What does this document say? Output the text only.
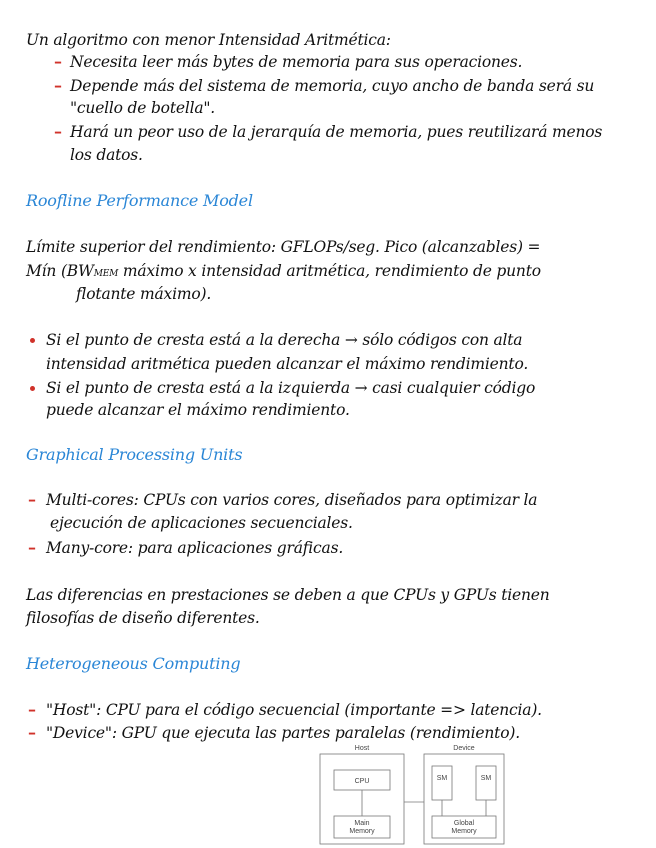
Un algoritmo con menor Intensidad Aritmética:
– Necesita leer más bytes de memoria para sus operaciones.
– Depende más del sistema de memoria, cuyo ancho de banda será su
"cuello de botella".
– Hará un peor uso de la jerarquía de memoria, pues reutilizará menos
los datos.
Roofline Performance Model
Límite superior del rendimiento: GFLOPs/seg. Pico (alcanzables) =
Mín (BWMEM máximo x intensidad aritmética, rendimiento de punto
flotante máximo).
Si el punto de cresta está a la derecha → sólo códigos con alta
intensidad aritmética pueden alcanzar el máximo rendimiento.
Si el punto de cresta está a la izquierda → casi cualquier código
puede alcanzar el máximo rendimiento.
Graphical Processing Units
– Multi-cores: CPUs con varios cores, diseñados para optimizar la
ejecución de aplicaciones secuenciales.
– Many-core: para aplicaciones gráficas.
Las diferencias en prestaciones se deben a que CPUs y GPUs tienen
filosofías de diseño diferentes.
Heterogeneous Computing
– "Host": CPU para el código secuencial (importante => latencia).
– "Device": GPU que ejecuta las partes paralelas (rendimiento).
Host	Device
CPU
Main
Memory
SM	SM
Global
Memory
